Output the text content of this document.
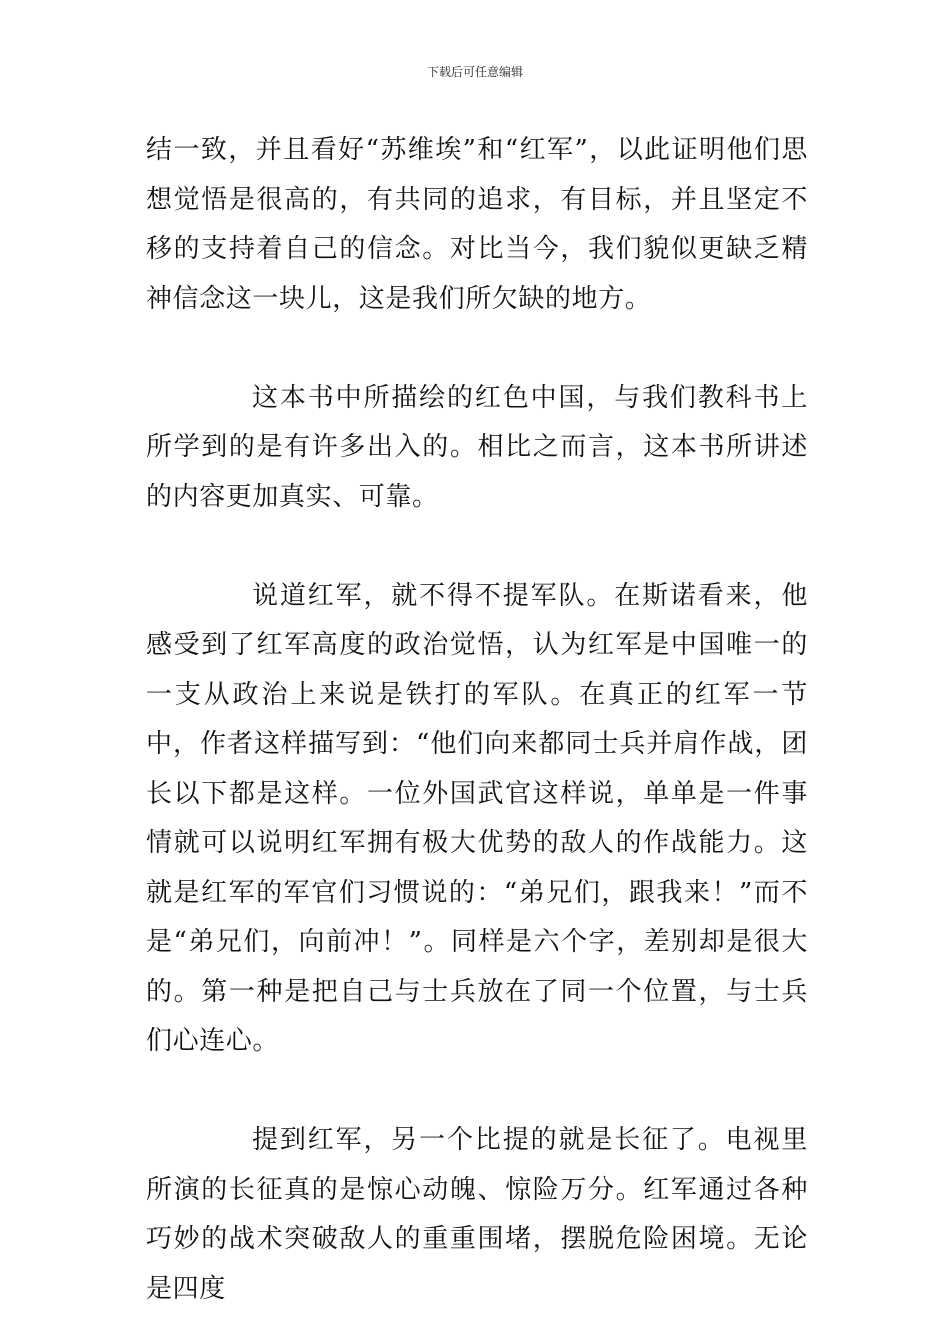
下载后可任意编辑

结一致，并且看好“苏维埃”和“红军”，以此证明他们思想觉悟是很高的，有共同的追求，有目标，并且坚定不移的支持着自己的信念。对比当今，我们貌似更缺乏精神信念这一块儿，这是我们所欠缺的地方。

这本书中所描绘的红色中国，与我们教科书上所学到的是有许多出入的。相比之而言，这本书所讲述的内容更加真实、可靠。

说道红军，就不得不提军队。在斯诺看来，他感受到了红军高度的政治觉悟，认为红军是中国唯一的一支从政治上来说是铁打的军队。在真正的红军一节中，作者这样描写到：“他们向来都同士兵并肩作战，团长以下都是这样。一位外国武官这样说，单单是一件事情就可以说明红军拥有极大优势的敌人的作战能力。这就是红军的军官们习惯说的：“弟兄们，跟我来！”而不是“弟兄们，向前冲！”。同样是六个字，差别却是很大的。第一种是把自己与士兵放在了同一个位置，与士兵们心连心。

提到红军，另一个比提的就是长征了。电视里所演的长征真的是惊心动魄、惊险万分。红军通过各种巧妙的战术突破敌人的重重围堵，摆脱危险困境。无论是四度
